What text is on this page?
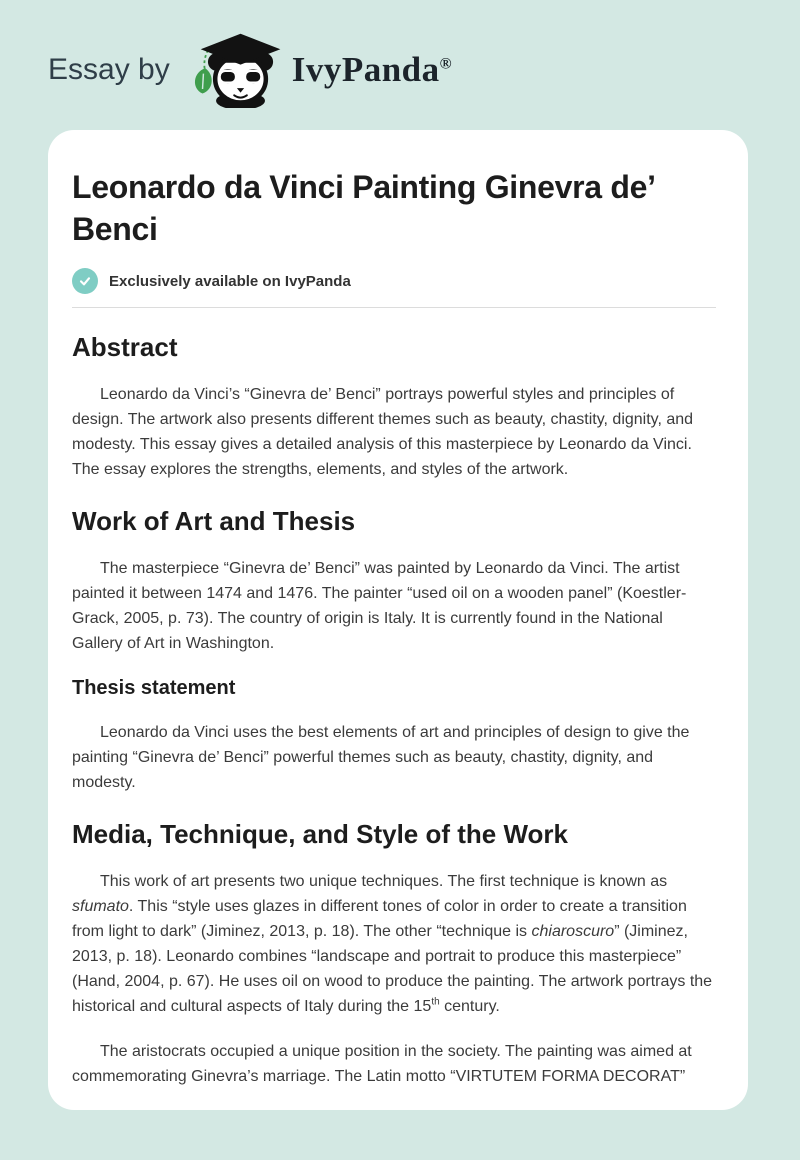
Essay by	IvyPanda®
Leonardo da Vinci Painting Ginevra de’ Benci
Exclusively available on IvyPanda
Abstract

Leonardo da Vinci’s “Ginevra de’ Benci” portrays powerful styles and principles of design. The artwork also presents different themes such as beauty, chastity, dignity, and modesty. This essay gives a detailed analysis of this masterpiece by Leonardo da Vinci. The essay explores the strengths, elements, and styles of the artwork.

Work of Art and Thesis

The masterpiece “Ginevra de’ Benci” was painted by Leonardo da Vinci. The artist painted it between 1474 and 1476. The painter “used oil on a wooden panel” (Koestler-Grack, 2005, p. 73). The country of origin is Italy. It is currently found in the National Gallery of Art in Washington.

Thesis statement

Leonardo da Vinci uses the best elements of art and principles of design to give the painting “Ginevra de’ Benci” powerful themes such as beauty, chastity, dignity, and modesty.

Media, Technique, and Style of the Work

This work of art presents two unique techniques. The first technique is known as sfumato. This “style uses glazes in different tones of color in order to create a transition from light to dark” (Jiminez, 2013, p. 18). The other “technique is chiaroscuro” (Jiminez, 2013, p. 18). Leonardo combines “landscape and portrait to produce this masterpiece” (Hand, 2004, p. 67). He uses oil on wood to produce the painting. The artwork portrays the historical and cultural aspects of Italy during the 15th century.

The aristocrats occupied a unique position in the society. The painting was aimed at commemorating Ginevra’s marriage. The Latin motto “VIRTUTEM FORMA DECORAT”
